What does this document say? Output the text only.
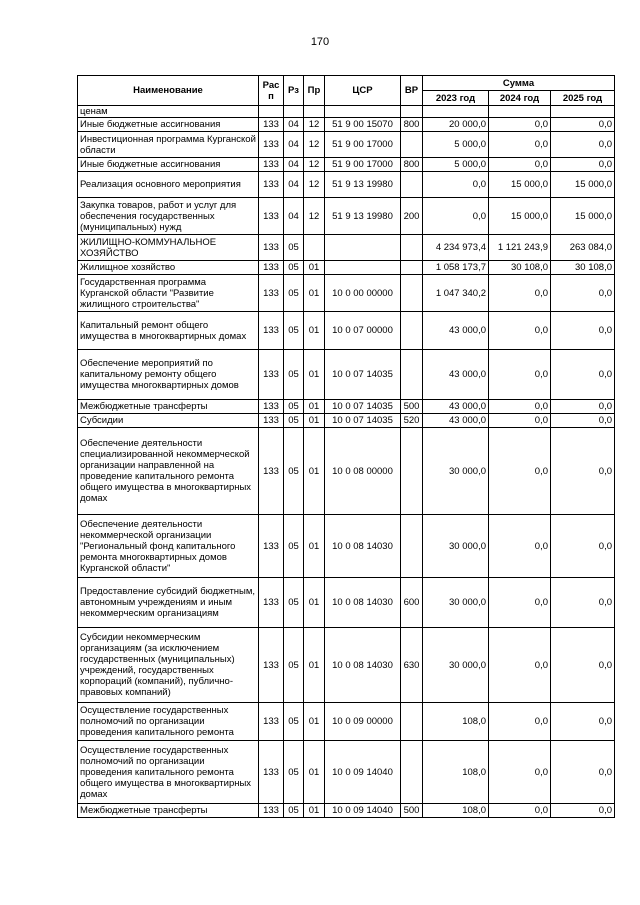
170
Наименование	Рас п	Рз	Пр	ЦСР	ВР	Сумма		
						2023 год	2024 год	2025 год
ценам								
Иные бюджетные ассигнования	133	04	12	51 9 00 15070	800	20 000,0	0,0	0,0
Инвестиционная программа Курганской области	133	04	12	51 9 00 17000		5 000,0	0,0	0,0
Иные бюджетные ассигнования	133	04	12	51 9 00 17000	800	5 000,0	0,0	0,0
Реализация основного мероприятия	133	04	12	51 9 13 19980		0,0	15 000,0	15 000,0
Закупка товаров, работ и услуг для обеспечения государственных (муниципальных) нужд	133	04	12	51 9 13 19980	200	0,0	15 000,0	15 000,0
ЖИЛИЩНО-КОММУНАЛЬНОЕ ХОЗЯЙСТВО	133	05				4 234 973,4	1 121 243,9	263 084,0
Жилищное хозяйство	133	05	01			1 058 173,7	30 108,0	30 108,0
Государственная программа Курганской области "Развитие жилищного строительства"	133	05	01	10 0 00 00000		1 047 340,2	0,0	0,0
Капитальный ремонт общего имущества в многоквартирных домах	133	05	01	10 0 07 00000		43 000,0	0,0	0,0
Обеспечение мероприятий по капитальному ремонту общего имущества многоквартирных домов	133	05	01	10 0 07 14035		43 000,0	0,0	0,0
Межбюджетные трансферты	133	05	01	10 0 07 14035	500	43 000,0	0,0	0,0
Субсидии	133	05	01	10 0 07 14035	520	43 000,0	0,0	0,0
Обеспечение деятельности специализированной некоммерческой организации направленной на проведение капитального ремонта общего имущества в многоквартирных домах	133	05	01	10 0 08 00000		30 000,0	0,0	0,0
Обеспечение деятельности некоммерческой организации "Региональный фонд капитального ремонта многоквартирных домов Курганской области"	133	05	01	10 0 08 14030		30 000,0	0,0	0,0
Предоставление субсидий бюджетным, автономным учреждениям и иным некоммерческим организациям	133	05	01	10 0 08 14030	600	30 000,0	0,0	0,0
Субсидии некоммерческим организациям (за исключением государственных (муниципальных) учреждений, государственных корпораций (компаний), публично-правовых компаний)	133	05	01	10 0 08 14030	630	30 000,0	0,0	0,0
Осуществление государственных полномочий по организации проведения капитального ремонта	133	05	01	10 0 09 00000		108,0	0,0	0,0
Осуществление государственных полномочий по организации проведения капитального ремонта общего имущества в многоквартирных домах	133	05	01	10 0 09 14040		108,0	0,0	0,0
Межбюджетные трансферты	133	05	01	10 0 09 14040	500	108,0	0,0	0,0
